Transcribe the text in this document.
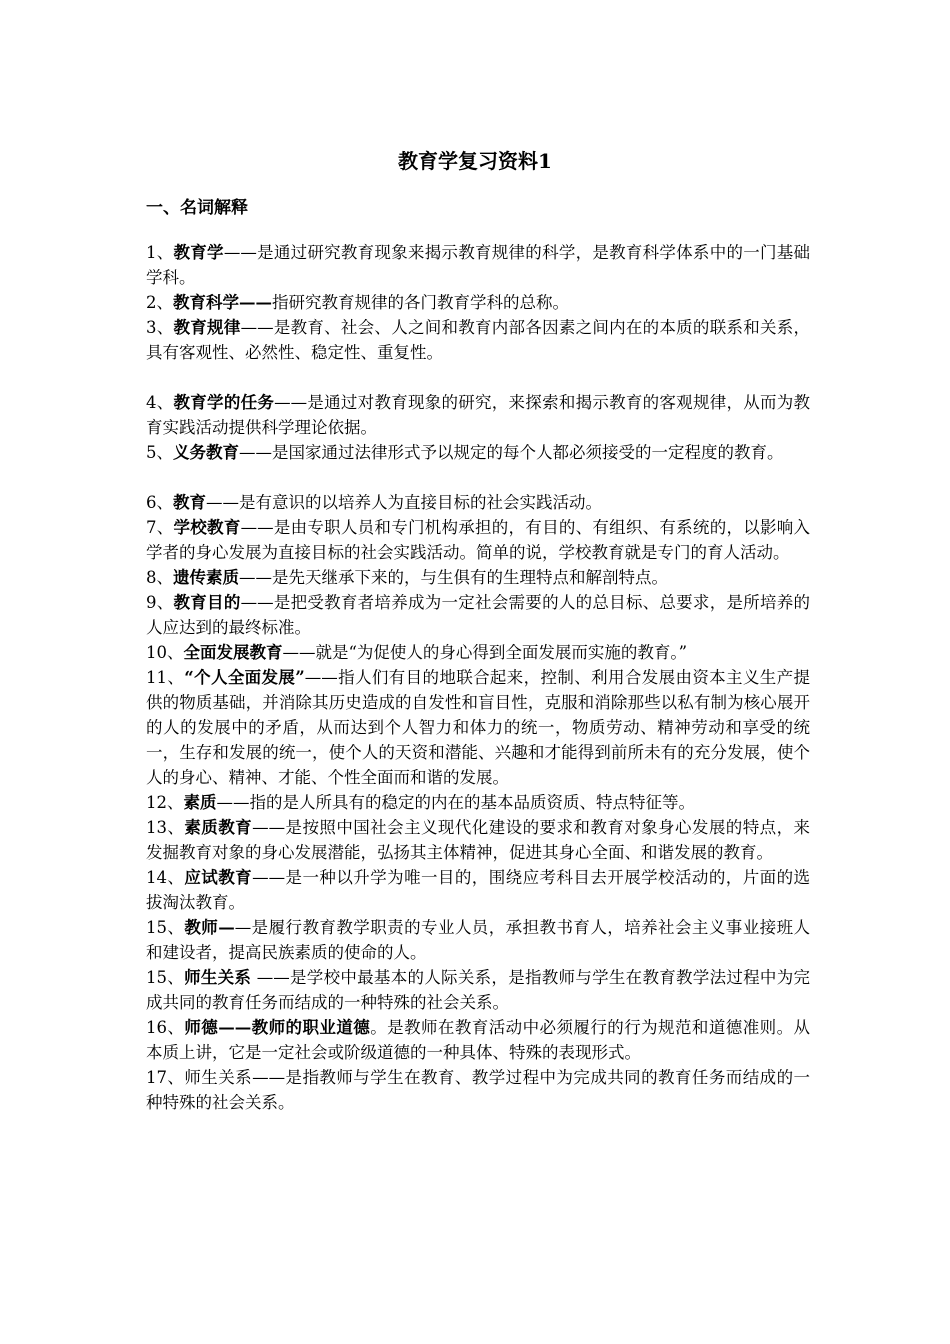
教育学复习资料1
一、名词解释

1、教育学——是通过研究教育现象来揭示教育规律的科学，是教育科学体系中的一门基础学科。

2、教育科学——指研究教育规律的各门教育学科的总称。

3、教育规律——是教育、社会、人之间和教育内部各因素之间内在的本质的联系和关系，具有客观性、必然性、稳定性、重复性。

4、教育学的任务——是通过对教育现象的研究，来探索和揭示教育的客观规律，从而为教育实践活动提供科学理论依据。

5、义务教育——是国家通过法律形式予以规定的每个人都必须接受的一定程度的教育。

6、教育——是有意识的以培养人为直接目标的社会实践活动。

7、学校教育——是由专职人员和专门机构承担的，有目的、有组织、有系统的，以影响入学者的身心发展为直接目标的社会实践活动。简单的说，学校教育就是专门的育人活动。

8、遗传素质——是先天继承下来的，与生俱有的生理特点和解剖特点。

9、教育目的——是把受教育者培养成为一定社会需要的人的总目标、总要求，是所培养的人应达到的最终标准。

10、全面发展教育——就是“为促使人的身心得到全面发展而实施的教育。”

11、“个人全面发展”——指人们有目的地联合起来，控制、利用合发展由资本主义生产提供的物质基础，并消除其历史造成的自发性和盲目性，克服和消除那些以私有制为核心展开的人的发展中的矛盾，从而达到个人智力和体力的统一，物质劳动、精神劳动和享受的统一，生存和发展的统一，使个人的天资和潜能、兴趣和才能得到前所未有的充分发展，使个人的身心、精神、才能、个性全面而和谐的发展。

12、素质——指的是人所具有的稳定的内在的基本品质资质、特点特征等。

13、素质教育——是按照中国社会主义现代化建设的要求和教育对象身心发展的特点，来发掘教育对象的身心发展潜能，弘扬其主体精神，促进其身心全面、和谐发展的教育。

14、应试教育——是一种以升学为唯一目的，围绕应考科目去开展学校活动的，片面的选拔淘汰教育。

15、教师——是履行教育教学职责的专业人员，承担教书育人，培养社会主义事业接班人和建设者，提高民族素质的使命的人。

15、师生关系 ——是学校中最基本的人际关系，是指教师与学生在教育教学法过程中为完成共同的教育任务而结成的一种特殊的社会关系。

16、师德——教师的职业道德。是教师在教育活动中必须履行的行为规范和道德准则。从本质上讲，它是一定社会或阶级道德的一种具体、特殊的表现形式。

17、师生关系——是指教师与学生在教育、教学过程中为完成共同的教育任务而结成的一种特殊的社会关系。
